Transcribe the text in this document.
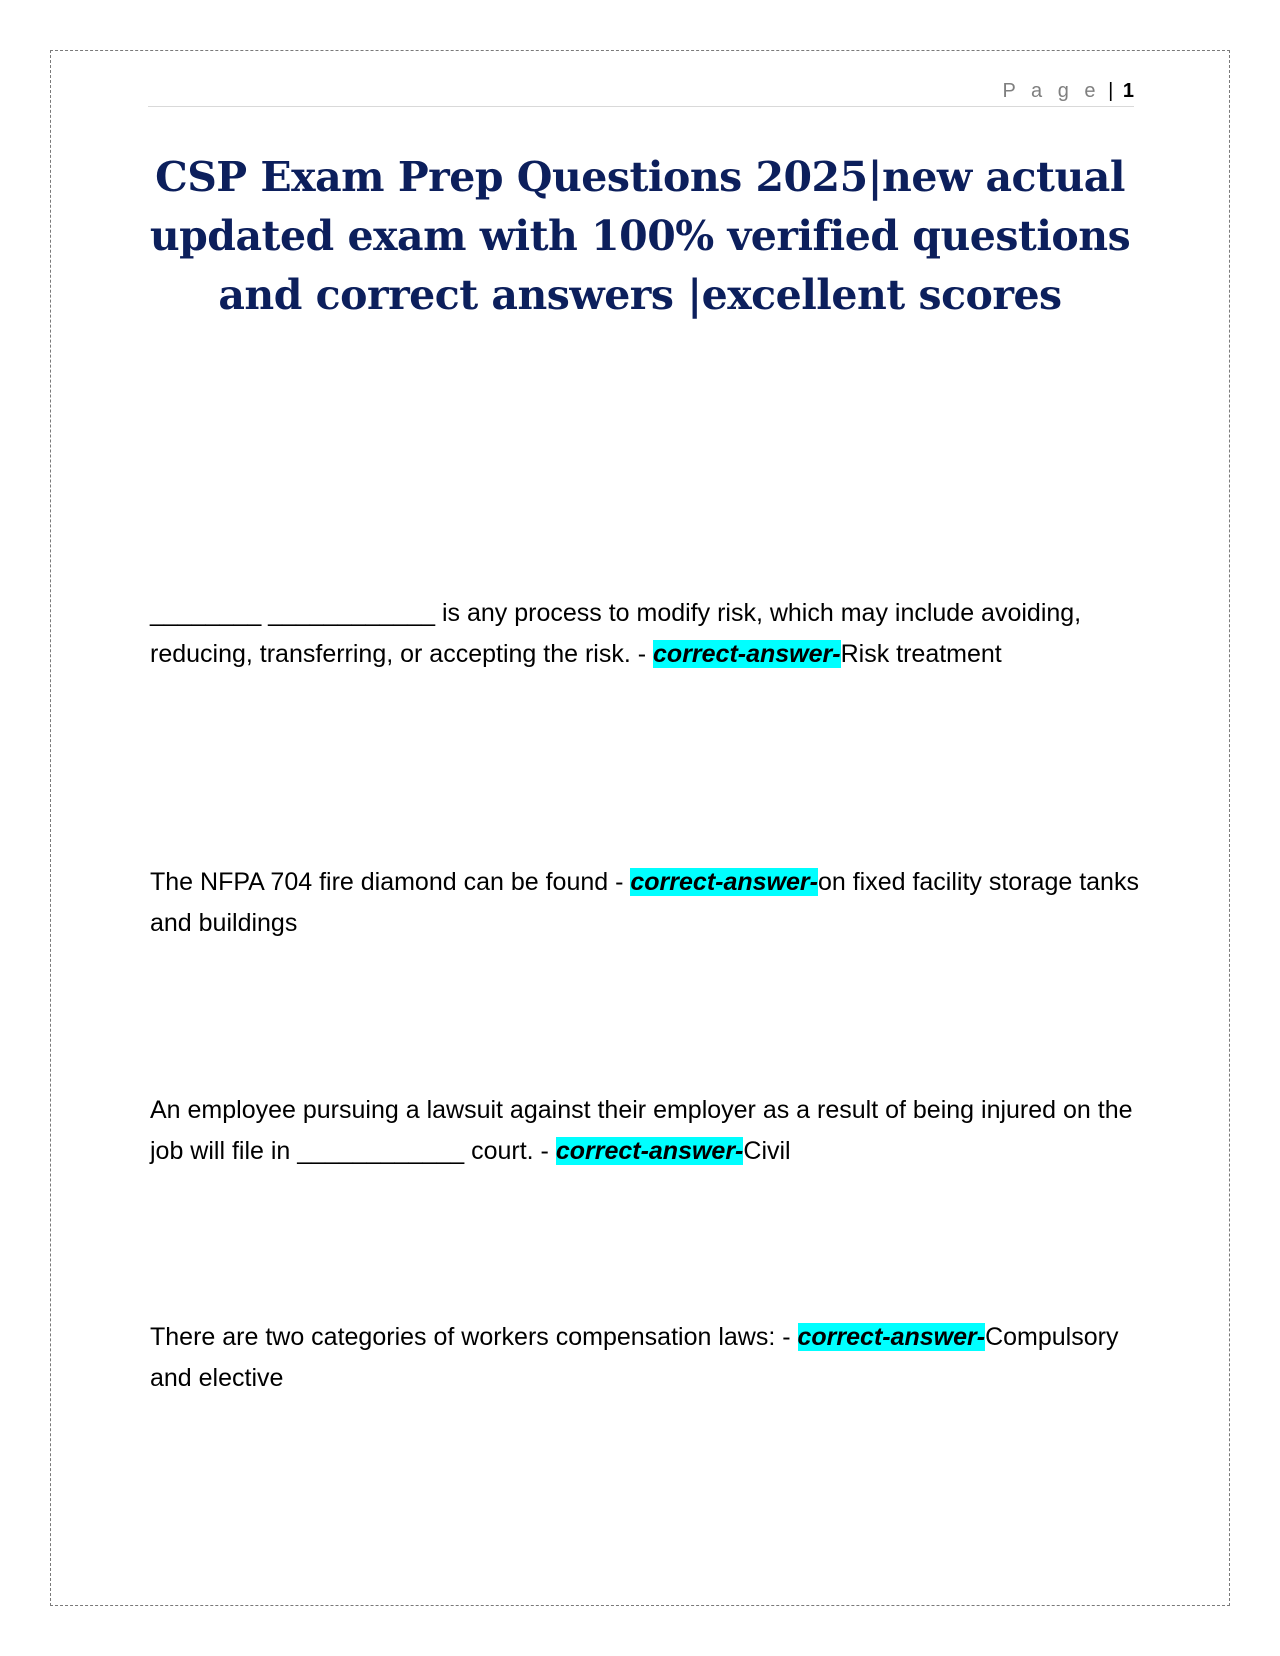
P a g e | 1
CSP Exam Prep Questions 2025|new actual updated exam with 100% verified questions and correct answers |excellent scores

________ ____________ is any process to modify risk, which may include avoiding, reducing, transferring, or accepting the risk. - correct-answer-Risk treatment

The NFPA 704 fire diamond can be found - correct-answer-on fixed facility storage tanks and buildings

An employee pursuing a lawsuit against their employer as a result of being injured on the job will file in ____________ court. - correct-answer-Civil

There are two categories of workers compensation laws: - correct-answer-Compulsory and elective
